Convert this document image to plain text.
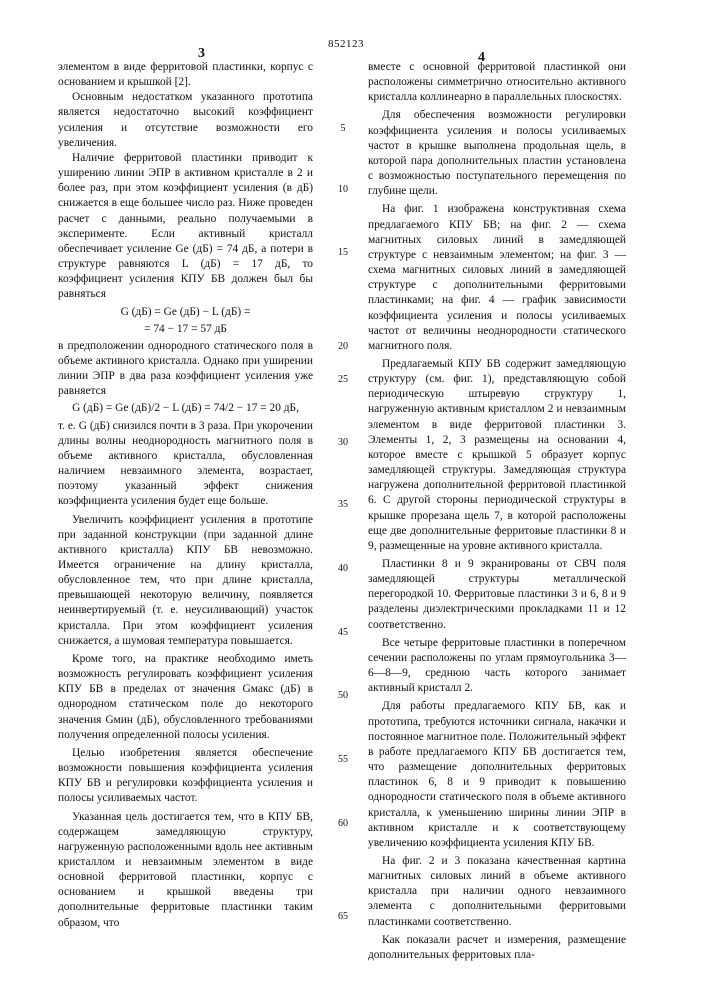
3
852123
4

элементом в виде ферритовой пластинки, корпус с основанием и крышкой [2].

Основным недостатком указанного прототипа является недостаточно высокий коэффициент усиления и отсутствие возможности его увеличения.

Наличие ферритовой пластинки приводит к уширению линии ЭПР в активном кристалле в 2 и более раз, при этом коэффициент усиления (в дБ) снижается в еще большее число раз. Ниже проведен расчет с данными, реально получаемыми в эксперименте. Если активный кристалл обеспечивает усиление Ge (дБ) = 74 дБ, а потери в структуре равняются L (дБ) = 17 дБ, то коэффициент усиления КПУ БВ должен был бы равняться

G (дБ) = Ge (дБ) − L (дБ) =

= 74 − 17 = 57 дБ

в предположении однородного статического поля в объеме активного кристалла. Однако при уширении линии ЭПР в два раза коэффициент усиления уже равняется

G (дБ) = Ge (дБ)/2 − L (дБ) = 74/2 − 17 = 20 дБ,

т. е. G (дБ) снизился почти в 3 раза. При укорочении длины волны неоднородность магнитного поля в объеме активного кристалла, обусловленная наличием невзаимного элемента, возрастает, поэтому указанный эффект снижения коэффициента усиления будет еще больше.

Увеличить коэффициент усиления в прототипе при заданной конструкции (при заданной длине активного кристалла) КПУ БВ невозможно. Имеется ограничение на длину кристалла, обусловленное тем, что при длине кристалла, превышающей некоторую величину, появляется неинвертируемый (т. е. неусиливающий) участок кристалла. При этом коэффициент усиления снижается, а шумовая температура повышается.

Кроме того, на практике необходимо иметь возможность регулировать коэффициент усиления КПУ БВ в пределах от значения Gмакс (дБ) в однородном статическом поле до некоторого значения Gмин (дБ), обусловленного требованиями получения определенной полосы усиления.

Целью изобретения является обеспечение возможности повышения коэффициента усиления КПУ БВ и регулировки коэффициента усиления и полосы усиливаемых частот.

Указанная цель достигается тем, что в КПУ БВ, содержащем замедляющую структуру, нагруженную расположенными вдоль нее активным кристаллом и невзаимным элементом в виде основной ферритовой пластинки, корпус с основанием и крышкой введены три дополнительные ферритовые пластинки таким образом, что

5
10
15
20
25
30
35
40
45
50
55
60
65

вместе с основной ферритовой пластинкой они расположены симметрично относительно активного кристалла коллинеарно в параллельных плоскостях.

Для обеспечения возможности регулировки коэффициента усиления и полосы усиливаемых частот в крышке выполнена продольная щель, в которой пара дополнительных пластин установлена с возможностью поступательного перемещения по глубине щели.

На фиг. 1 изображена конструктивная схема предлагаемого КПУ БВ; на фиг. 2 — схема магнитных силовых линий в замедляющей структуре с невзаимным элементом; на фиг. 3 — схема магнитных силовых линий в замедляющей структуре с дополнительными ферритовыми пластинками; на фиг. 4 — график зависимости коэффициента усиления и полосы усиливаемых частот от величины неоднородности статического магнитного поля.

Предлагаемый КПУ БВ содержит замедляющую структуру (см. фиг. 1), представляющую собой периодическую штыревую структуру 1, нагруженную активным кристаллом 2 и невзаимным элементом в виде ферритовой пластинки 3. Элементы 1, 2, 3 размещены на основании 4, которое вместе с крышкой 5 образует корпус замедляющей структуры. Замедляющая структура нагружена дополнительной ферритовой пластинкой 6. С другой стороны периодической структуры в крышке прорезана щель 7, в которой расположены еще две дополнительные ферритовые пластинки 8 и 9, размещенные на уровне активного кристалла.

Пластинки 8 и 9 экранированы от СВЧ поля замедляющей структуры металлической перегородкой 10. Ферритовые пластинки 3 и 6, 8 и 9 разделены диэлектрическими прокладками 11 и 12 соответственно.

Все четыре ферритовые пластинки в поперечном сечении расположены по углам прямоугольника 3—6—8—9, среднюю часть которого занимает активный кристалл 2.

Для работы предлагаемого КПУ БВ, как и прототипа, требуются источники сигнала, накачки и постоянное магнитное поле. Положительный эффект в работе предлагаемого КПУ БВ достигается тем, что размещение дополнительных ферритовых пластинок 6, 8 и 9 приводит к повышению однородности статического поля в объеме активного кристалла, к уменьшению ширины линии ЭПР в активном кристалле и к соответствующему увеличению коэффициента усиления КПУ БВ.

На фиг. 2 и 3 показана качественная картина магнитных силовых линий в объеме активного кристалла при наличии одного невзаимного элемента с дополнительными ферритовыми пластинками соответственно.

Как показали расчет и измерения, размещение дополнительных ферритовых пла-
